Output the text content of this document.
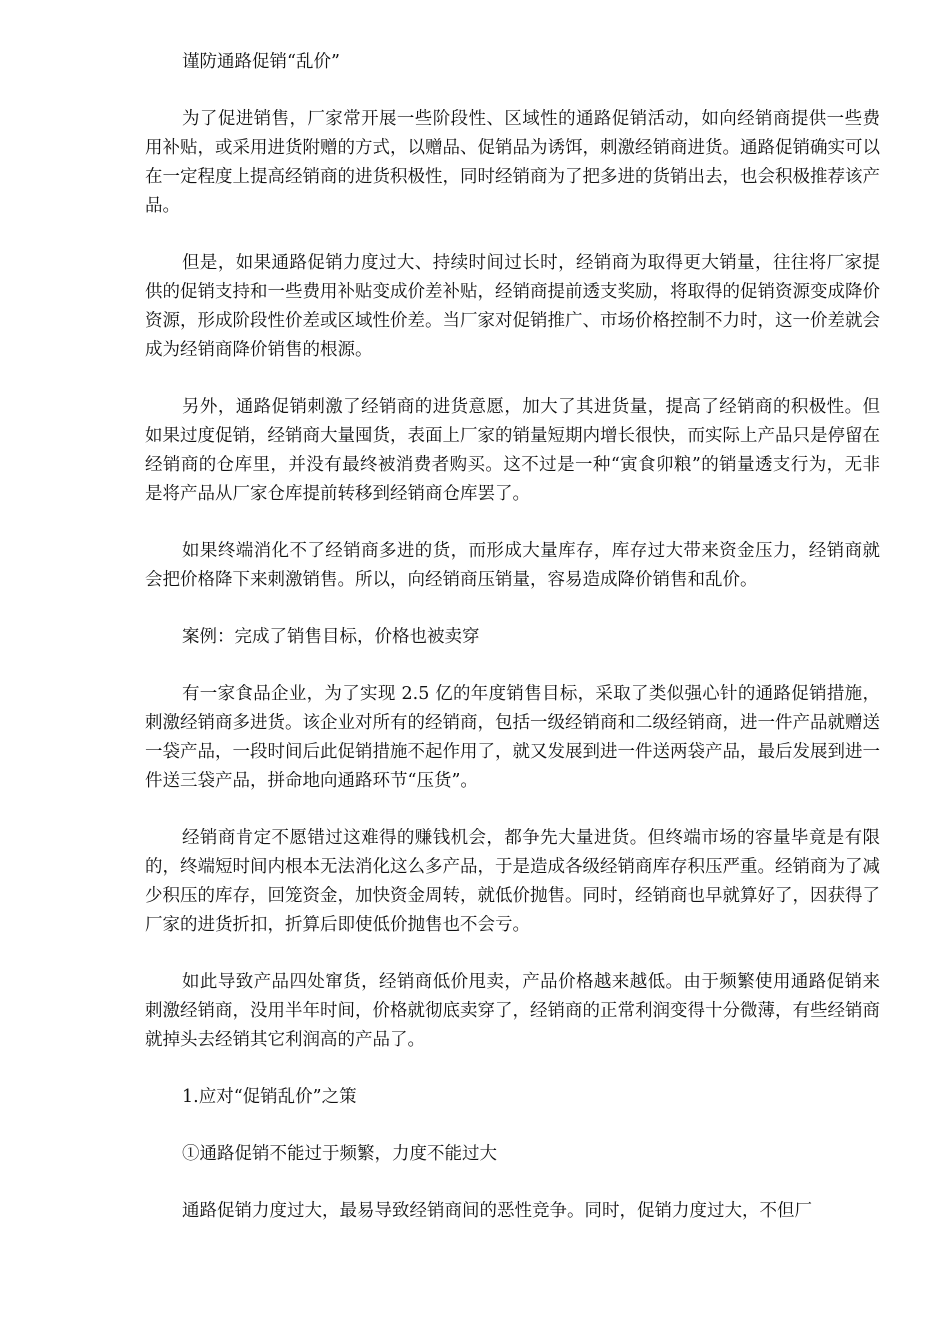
谨防通路促销“乱价”

为了促进销售，厂家常开展一些阶段性、区域性的通路促销活动，如向经销商提供一些费用补贴，或采用进货附赠的方式，以赠品、促销品为诱饵，刺激经销商进货。通路促销确实可以在一定程度上提高经销商的进货积极性，同时经销商为了把多进的货销出去，也会积极推荐该产品。

但是，如果通路促销力度过大、持续时间过长时，经销商为取得更大销量，往往将厂家提供的促销支持和一些费用补贴变成价差补贴，经销商提前透支奖励，将取得的促销资源变成降价资源，形成阶段性价差或区域性价差。当厂家对促销推广、市场价格控制不力时，这一价差就会成为经销商降价销售的根源。

另外，通路促销刺激了经销商的进货意愿，加大了其进货量，提高了经销商的积极性。但如果过度促销，经销商大量囤货，表面上厂家的销量短期内增长很快，而实际上产品只是停留在经销商的仓库里，并没有最终被消费者购买。这不过是一种“寅食卯粮”的销量透支行为，无非是将产品从厂家仓库提前转移到经销商仓库罢了。

如果终端消化不了经销商多进的货，而形成大量库存，库存过大带来资金压力，经销商就会把价格降下来刺激销售。所以，向经销商压销量，容易造成降价销售和乱价。

案例：完成了销售目标，价格也被卖穿

有一家食品企业，为了实现 2.5 亿的年度销售目标，采取了类似强心针的通路促销措施，刺激经销商多进货。该企业对所有的经销商，包括一级经销商和二级经销商，进一件产品就赠送一袋产品，一段时间后此促销措施不起作用了，就又发展到进一件送两袋产品，最后发展到进一件送三袋产品，拼命地向通路环节“压货”。

经销商肯定不愿错过这难得的赚钱机会，都争先大量进货。但终端市场的容量毕竟是有限的，终端短时间内根本无法消化这么多产品，于是造成各级经销商库存积压严重。经销商为了减少积压的库存，回笼资金，加快资金周转，就低价抛售。同时，经销商也早就算好了，因获得了厂家的进货折扣，折算后即使低价抛售也不会亏。

如此导致产品四处窜货，经销商低价甩卖，产品价格越来越低。由于频繁使用通路促销来刺激经销商，没用半年时间，价格就彻底卖穿了，经销商的正常利润变得十分微薄，有些经销商就掉头去经销其它利润高的产品了。

1.应对“促销乱价”之策

①通路促销不能过于频繁，力度不能过大

通路促销力度过大，最易导致经销商间的恶性竞争。同时，促销力度过大，不但厂
